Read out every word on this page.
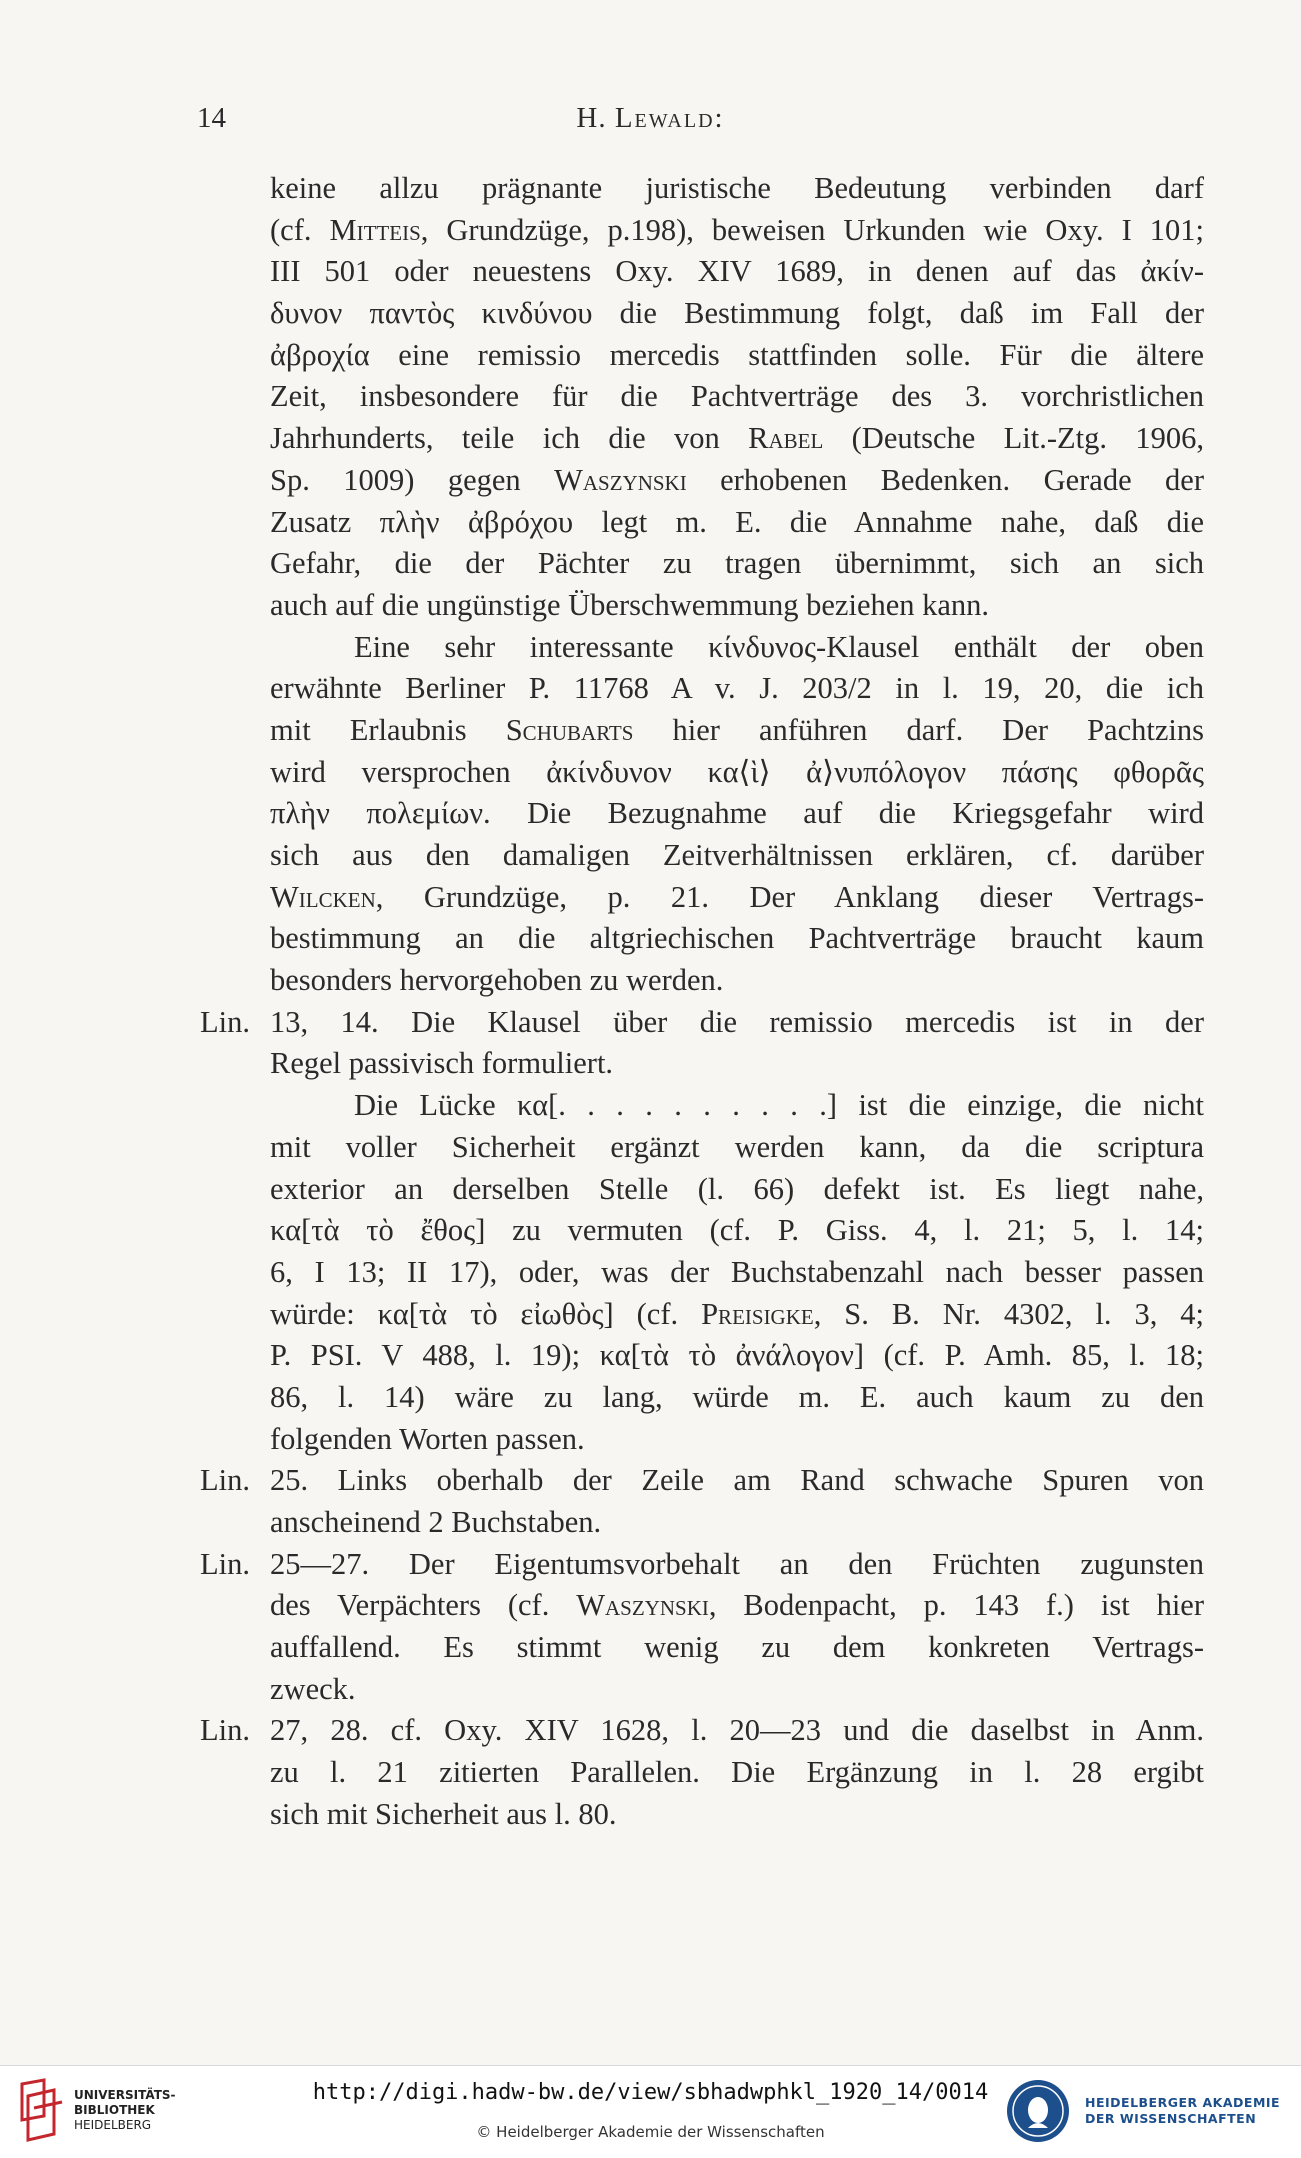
14	H. Lewald:
keine allzu prägnante juristische Bedeutung verbinden darf
(cf. Mitteis, Grundzüge, p.198), beweisen Urkunden wie Oxy. I 101;
III 501 oder neuestens Oxy. XIV 1689, in denen auf das ἀκίν-
δυνον παντὸς κινδύνου die Bestimmung folgt, daß im Fall der
ἀβροχία eine remissio mercedis stattfinden solle. Für die ältere
Zeit, insbesondere für die Pachtverträge des 3. vorchristlichen
Jahrhunderts, teile ich die von Rabel (Deutsche Lit.-Ztg. 1906,
Sp. 1009) gegen Waszynski erhobenen Bedenken. Gerade der
Zusatz πλὴν ἀβρόχου legt m. E. die Annahme nahe, daß die
Gefahr, die der Pächter zu tragen übernimmt, sich an sich
auch auf die ungünstige Überschwemmung beziehen kann.
Eine sehr interessante κίνδυνος-Klausel enthält der oben
erwähnte Berliner P. 11768 A v. J. 203/2 in l. 19, 20, die ich
mit Erlaubnis Schubarts hier anführen darf. Der Pachtzins
wird versprochen ἀκίνδυνον κα⟨ὶ⟩ ἀ⟩νυπόλογον πάσης φθορᾶς
πλὴν πολεμίων. Die Bezugnahme auf die Kriegsgefahr wird
sich aus den damaligen Zeitverhältnissen erklären, cf. darüber
Wilcken, Grundzüge, p. 21. Der Anklang dieser Vertrags-
bestimmung an die altgriechischen Pachtverträge braucht kaum
besonders hervorgehoben zu werden.
Lin. 13, 14. Die Klausel über die remissio mercedis ist in der
Regel passivisch formuliert.
Die Lücke κα[. . . . . . . . . .] ist die einzige, die nicht
mit voller Sicherheit ergänzt werden kann, da die scriptura
exterior an derselben Stelle (l. 66) defekt ist. Es liegt nahe,
κα[τὰ τὸ ἔθος] zu vermuten (cf. P. Giss. 4, l. 21; 5, l. 14;
6, I 13; II 17), oder, was der Buchstabenzahl nach besser passen
würde: κα[τὰ τὸ εἰωθὸς] (cf. Preisigke, S. B. Nr. 4302, l. 3, 4;
P. PSI. V 488, l. 19); κα[τὰ τὸ ἀνάλογον] (cf. P. Amh. 85, l. 18;
86, l. 14) wäre zu lang, würde m. E. auch kaum zu den
folgenden Worten passen.
Lin. 25. Links oberhalb der Zeile am Rand schwache Spuren von
anscheinend 2 Buchstaben.
Lin. 25—27. Der Eigentumsvorbehalt an den Früchten zugunsten
des Verpächters (cf. Waszynski, Bodenpacht, p. 143 f.) ist hier
auffallend. Es stimmt wenig zu dem konkreten Vertrags-
zweck.
Lin. 27, 28. cf. Oxy. XIV 1628, l. 20—23 und die daselbst in Anm.
zu l. 21 zitierten Parallelen. Die Ergänzung in l. 28 ergibt
sich mit Sicherheit aus l. 80.
UNIVERSITÄTS-
BIBLIOTHEK
HEIDELBERG
http://digi.hadw-bw.de/view/sbhadwphkl_1920_14/0014
© Heidelberger Akademie der Wissenschaften
HEIDELBERGER AKADEMIE
DER WISSENSCHAFTEN
